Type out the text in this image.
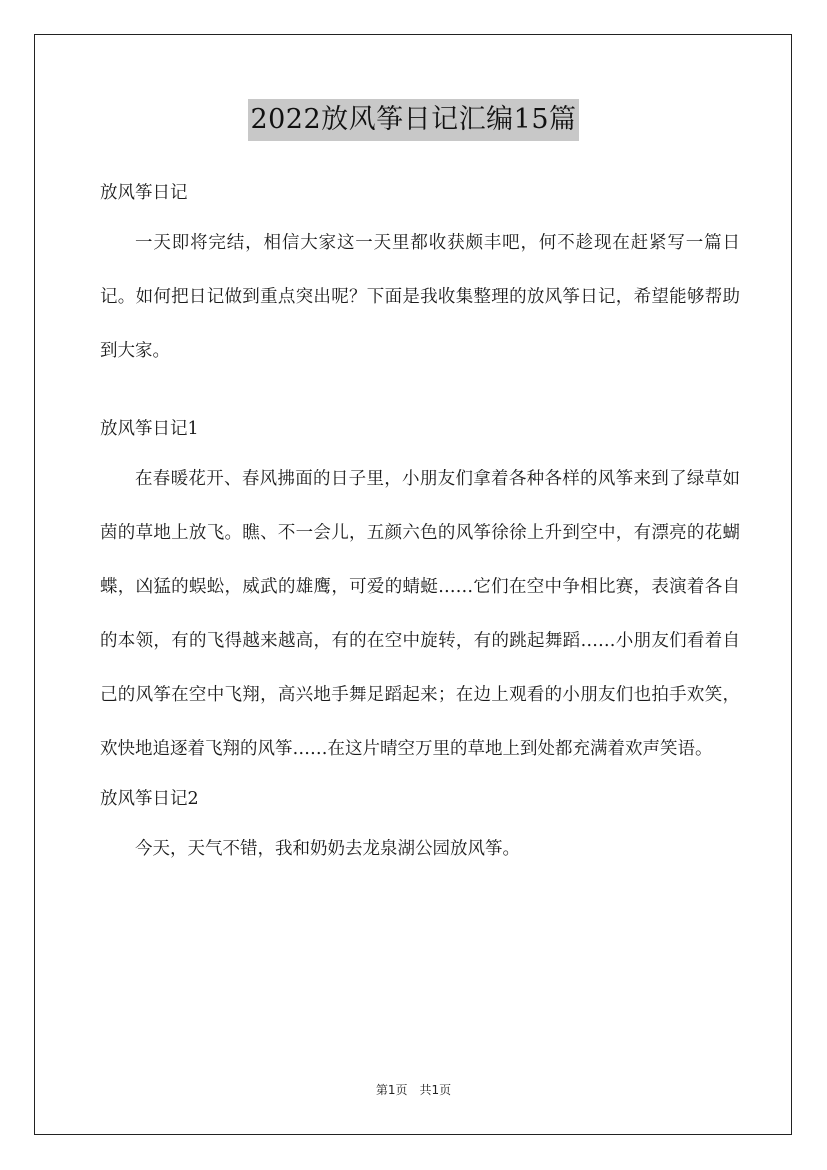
2022放风筝日记汇编15篇

放风筝日记

一天即将完结，相信大家这一天里都收获颇丰吧，何不趁现在赶紧写一篇日记。如何把日记做到重点突出呢？下面是我收集整理的放风筝日记，希望能够帮助到大家。

放风筝日记1

在春暖花开、春风拂面的日子里，小朋友们拿着各种各样的风筝来到了绿草如茵的草地上放飞。瞧、不一会儿，五颜六色的风筝徐徐上升到空中，有漂亮的花蝴蝶，凶猛的蜈蚣，威武的雄鹰，可爱的蜻蜓……它们在空中争相比赛，表演着各自的本领，有的飞得越来越高，有的在空中旋转，有的跳起舞蹈……小朋友们看着自己的风筝在空中飞翔，高兴地手舞足蹈起来；在边上观看的小朋友们也拍手欢笑，欢快地追逐着飞翔的风筝……在这片晴空万里的草地上到处都充满着欢声笑语。

放风筝日记2

今天，天气不错，我和奶奶去龙泉湖公园放风筝。

第1页 共1页
